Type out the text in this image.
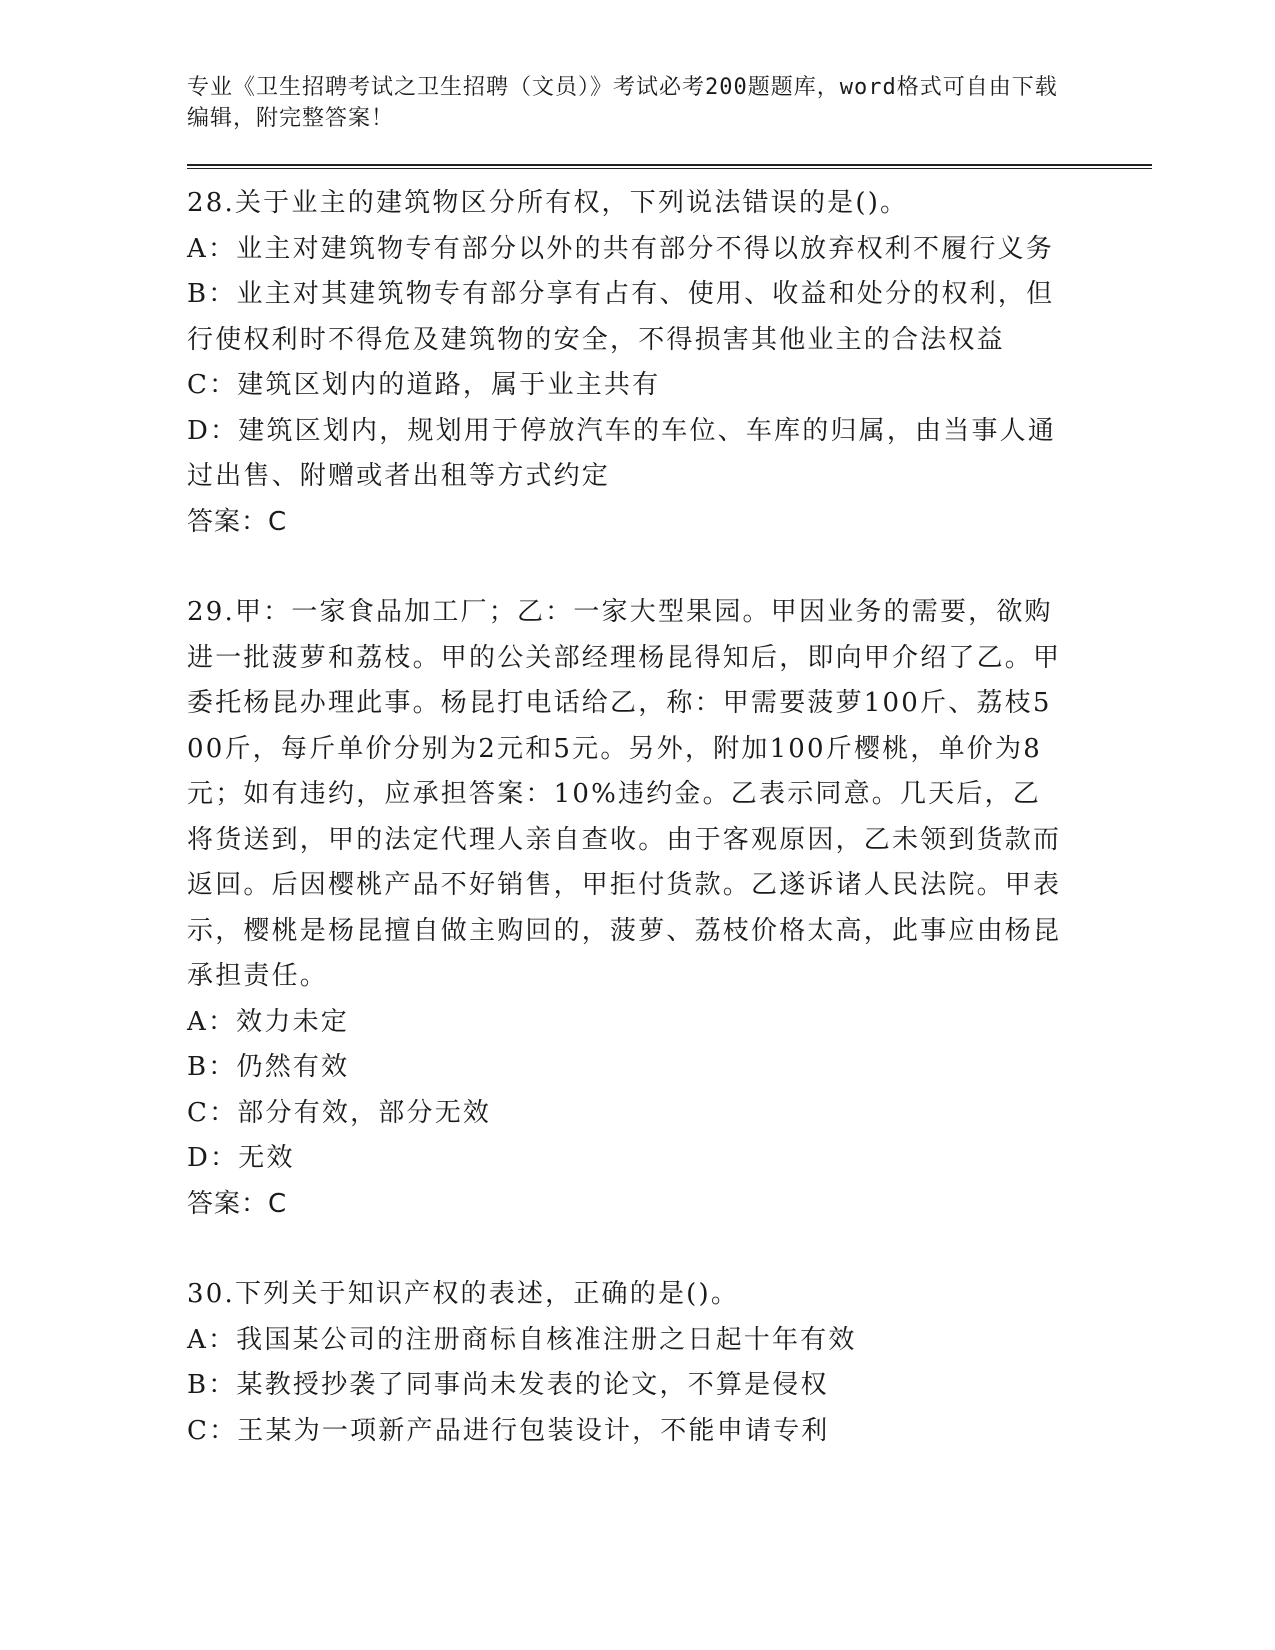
专业《卫生招聘考试之卫生招聘（文员）》考试必考200题题库，word格式可自由下载编辑，附完整答案！
28.关于业主的建筑物区分所有权，下列说法错误的是()。
A：业主对建筑物专有部分以外的共有部分不得以放弃权利不履行义务
B：业主对其建筑物专有部分享有占有、使用、收益和处分的权利，但行使权利时不得危及建筑物的安全，不得损害其他业主的合法权益
C：建筑区划内的道路，属于业主共有
D：建筑区划内，规划用于停放汽车的车位、车库的归属，由当事人通过出售、附赠或者出租等方式约定
答案：C
29.甲：一家食品加工厂；乙：一家大型果园。甲因业务的需要，欲购进一批菠萝和荔枝。甲的公关部经理杨昆得知后，即向甲介绍了乙。甲委托杨昆办理此事。杨昆打电话给乙，称：甲需要菠萝100斤、荔枝500斤，每斤单价分别为2元和5元。另外，附加100斤樱桃，单价为8元；如有违约，应承担答案：10%违约金。乙表示同意。几天后，乙将货送到，甲的法定代理人亲自查收。由于客观原因，乙未领到货款而返回。后因樱桃产品不好销售，甲拒付货款。乙遂诉诸人民法院。甲表示，樱桃是杨昆擅自做主购回的，菠萝、荔枝价格太高，此事应由杨昆承担责任。
A：效力未定
B：仍然有效
C：部分有效，部分无效
D：无效
答案：C
30.下列关于知识产权的表述，正确的是()。
A：我国某公司的注册商标自核准注册之日起十年有效
B：某教授抄袭了同事尚未发表的论文，不算是侵权
C：王某为一项新产品进行包装设计，不能申请专利
